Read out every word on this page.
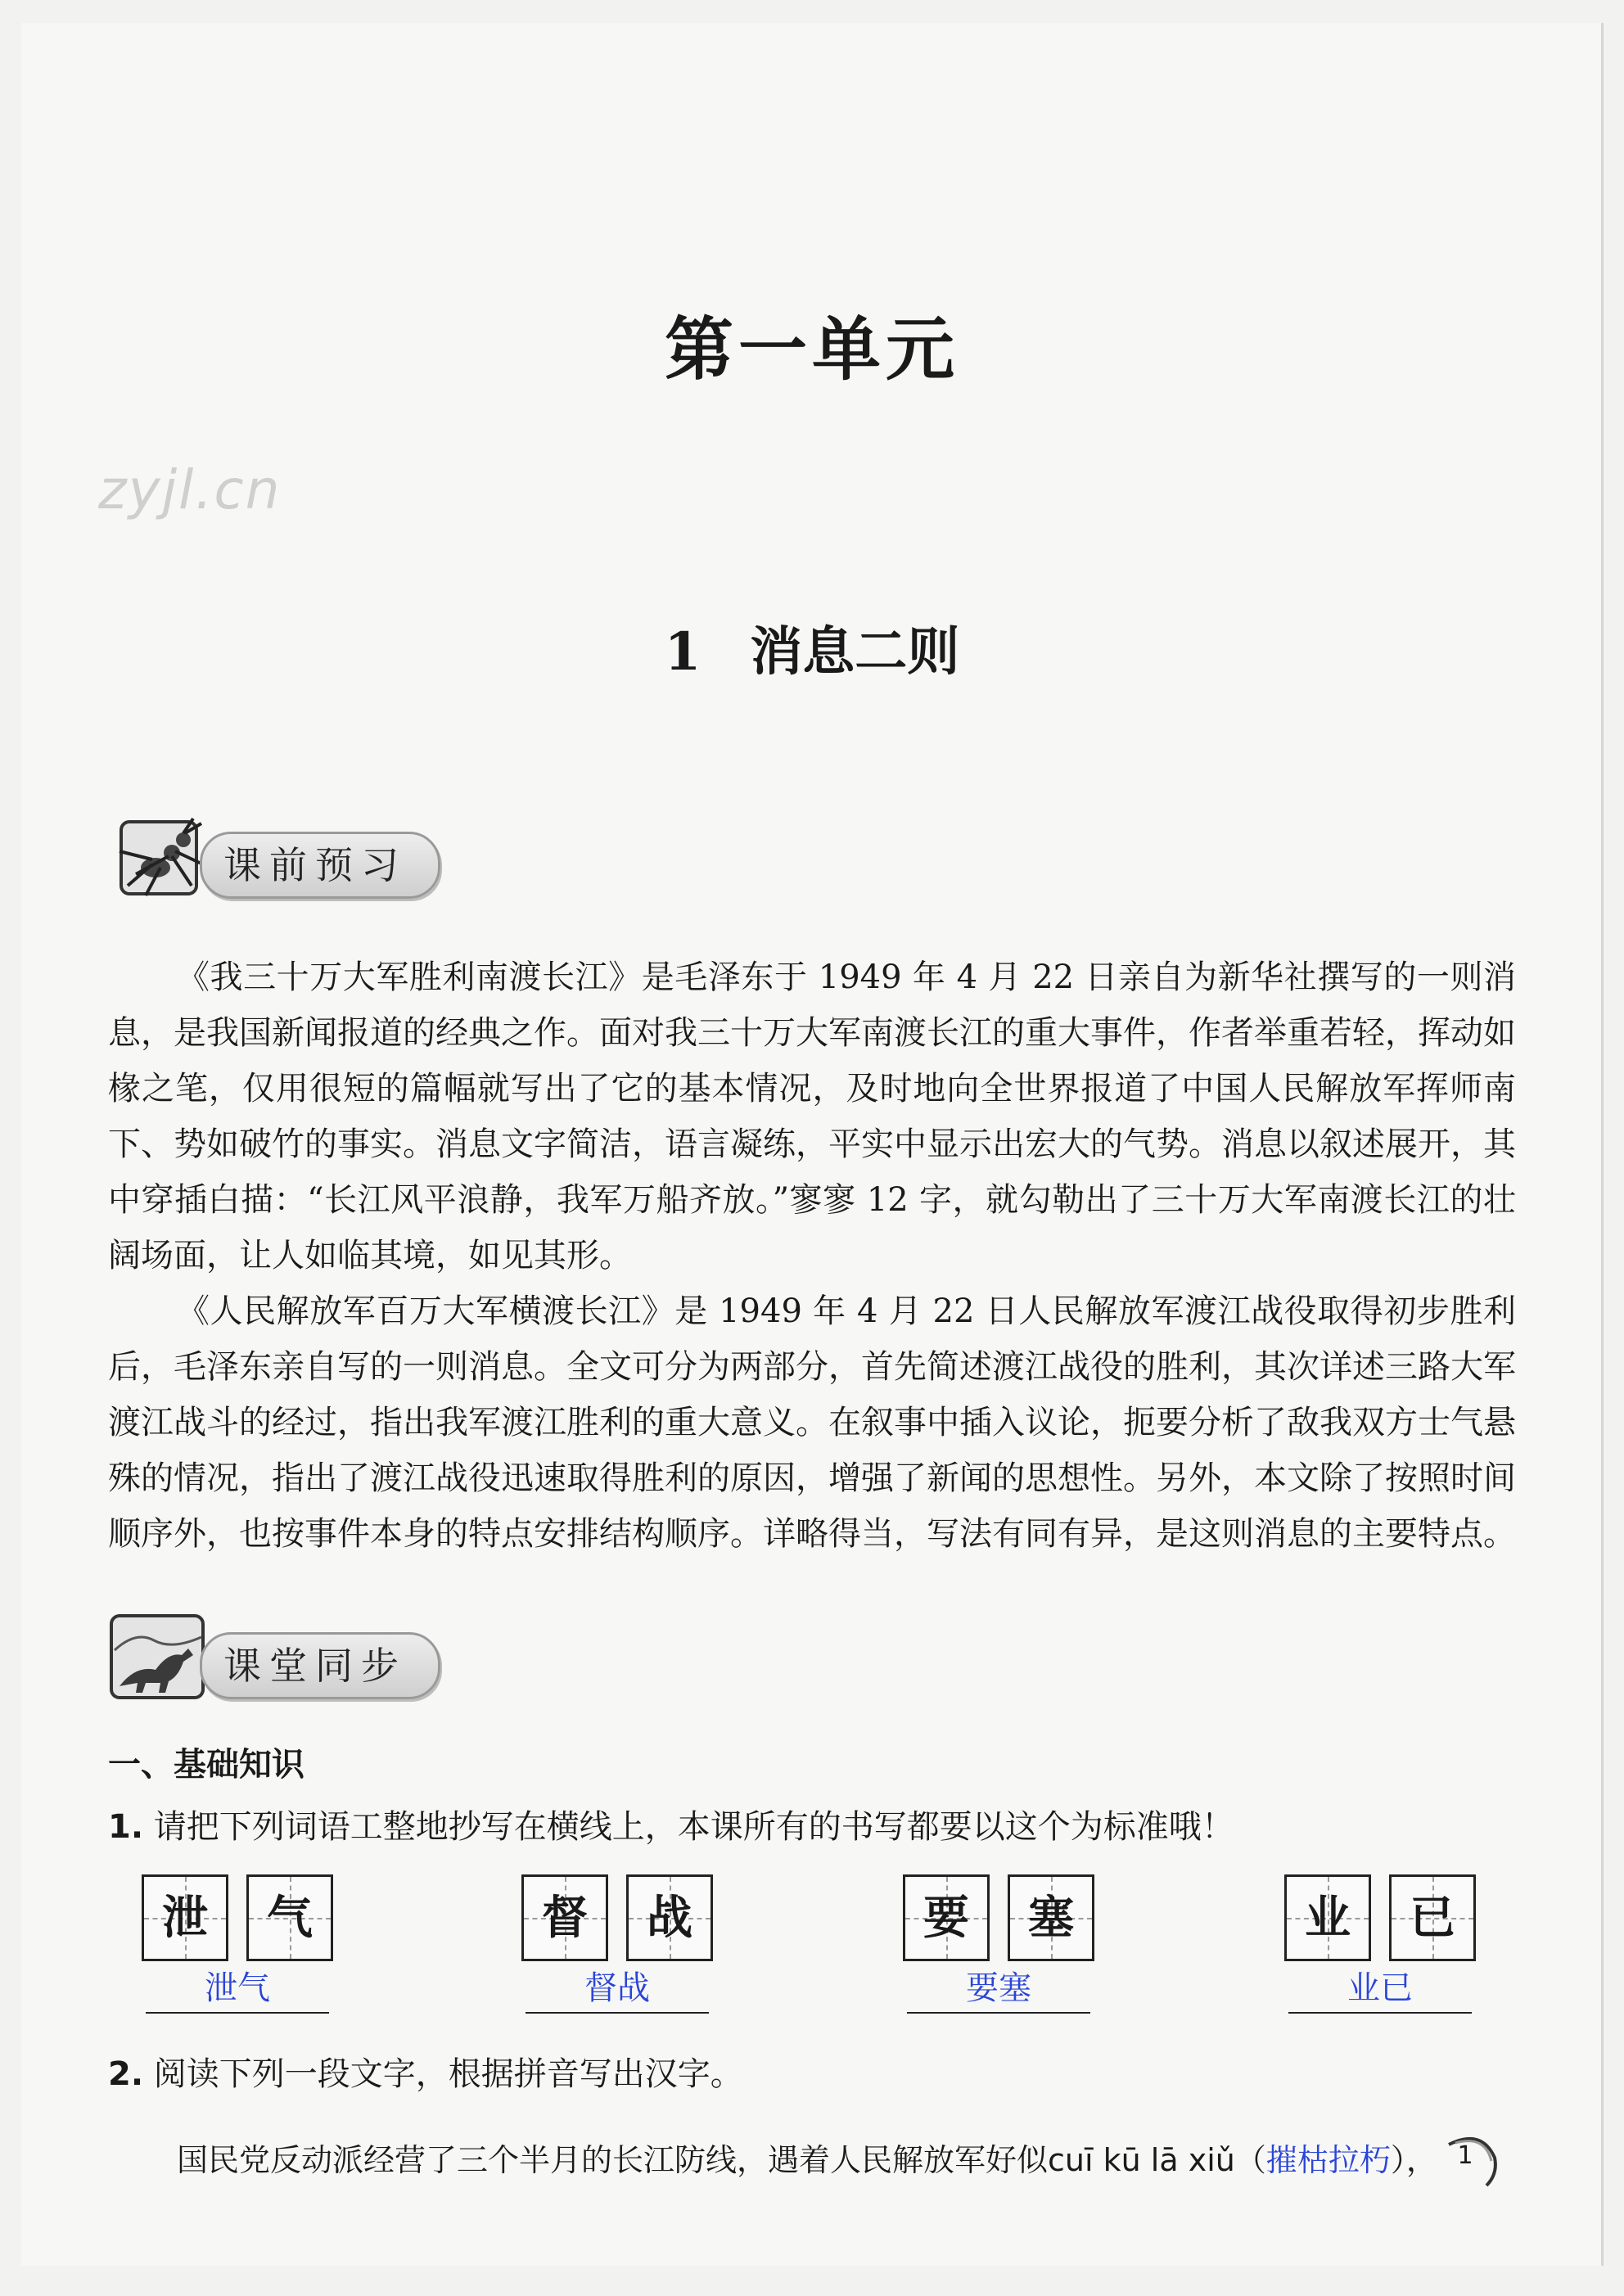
第一单元
zyjl.cn
1 消息二则
课前预习

《我三十万大军胜利南渡长江》是毛泽东于 1949 年 4 月 22 日亲自为新华社撰写的一则消息，是我国新闻报道的经典之作。面对我三十万大军南渡长江的重大事件，作者举重若轻，挥动如椽之笔，仅用很短的篇幅就写出了它的基本情况，及时地向全世界报道了中国人民解放军挥师南下、势如破竹的事实。消息文字简洁，语言凝练，平实中显示出宏大的气势。消息以叙述展开，其中穿插白描：“长江风平浪静，我军万船齐放。”寥寥 12 字，就勾勒出了三十万大军南渡长江的壮阔场面，让人如临其境，如见其形。

《人民解放军百万大军横渡长江》是 1949 年 4 月 22 日人民解放军渡江战役取得初步胜利后，毛泽东亲自写的一则消息。全文可分为两部分，首先简述渡江战役的胜利，其次详述三路大军渡江战斗的经过，指出我军渡江胜利的重大意义。在叙事中插入议论，扼要分析了敌我双方士气悬殊的情况，指出了渡江战役迅速取得胜利的原因，增强了新闻的思想性。另外，本文除了按照时间顺序外，也按事件本身的特点安排结构顺序。详略得当，写法有同有异，是这则消息的主要特点。

课堂同步
一、基础知识
1. 请把下列词语工整地抄写在横线上，本课所有的书写都要以这个为标准哦！
泄	气
泄气
督	战
督战
要	塞
要塞
业	已
业已
2. 阅读下列一段文字，根据拼音写出汉字。
国民党反动派经营了三个半月的长江防线，遇着人民解放军好似cuī kū lā xiǔ（摧枯拉朽）， 1
